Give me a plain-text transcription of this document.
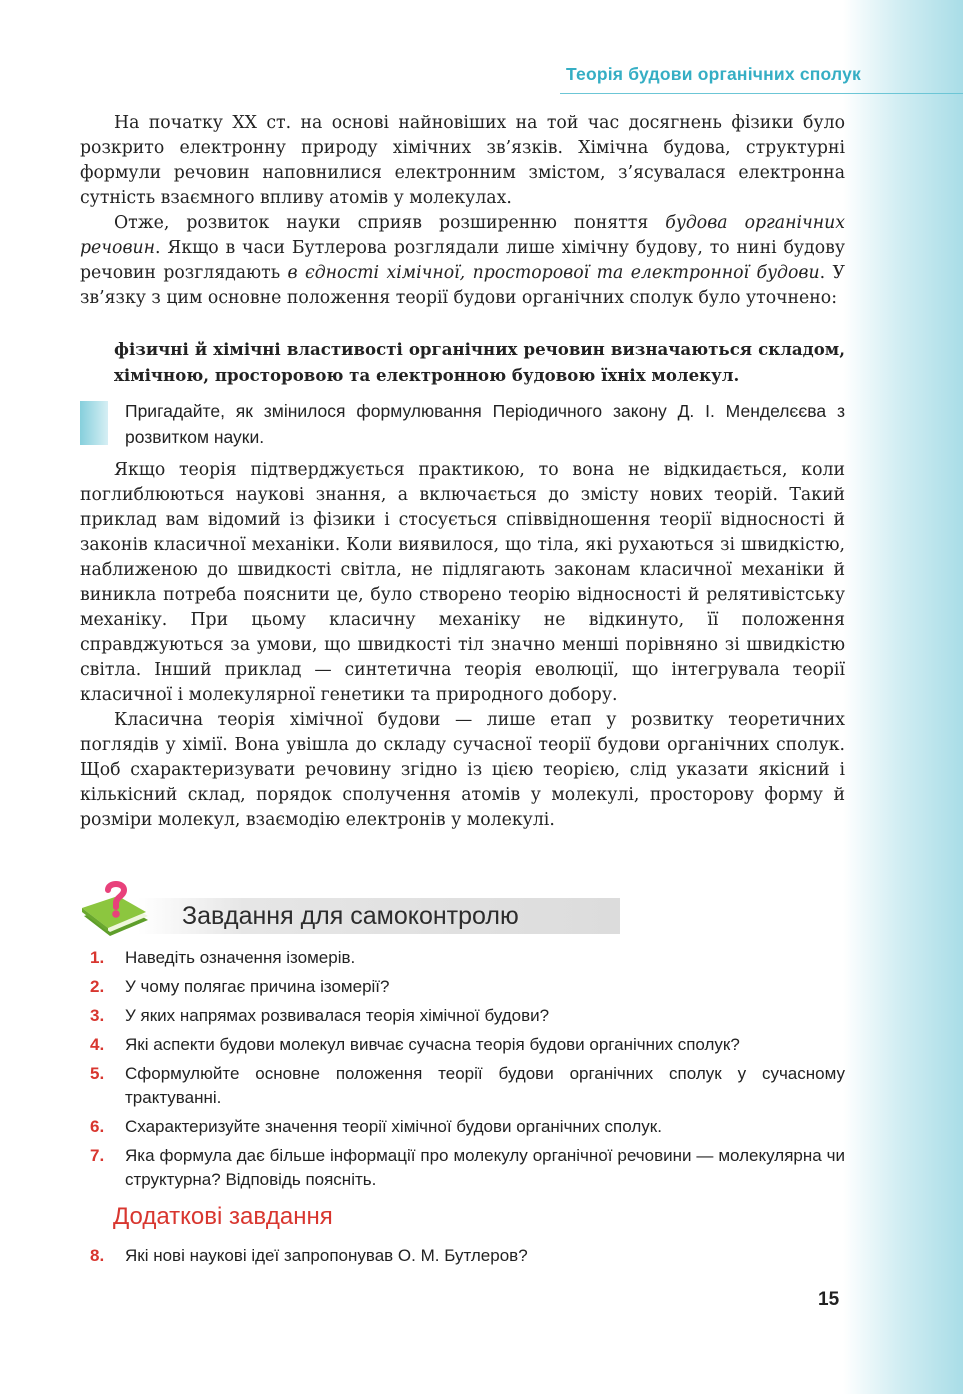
Теорія будови органічних сполук

На початку XX ст. на основі найновіших на той час досягнень фізики було розкрито електронну природу хімічних зв’язків. Хімічна будова, структурні формули речовин наповнилися електронним змістом, з’ясувалася електронна сутність взаємного впливу атомів у молекулах.

Отже, розвиток науки сприяв розширенню поняття будова органічних речовин. Якщо в часи Бутлерова розглядали лише хімічну будову, то нині будову речовин розглядають в єдності хімічної, просторової та електронної будови. У зв’язку з цим основне положення теорії будови органічних сполук було уточнено:

фізичні й хімічні властивості органічних речовин визначаються складом, хімічною, просторовою та електронною будовою їхніх молекул.
Пригадайте, як змінилося формулювання Періодичного закону Д. І. Менделєєва з розвитком науки.

Якщо теорія підтверджується практикою, то вона не відкидається, коли поглиблюються наукові знання, а включається до змісту нових теорій. Такий приклад вам відомий із фізики і стосується співвідношення теорії відносності й законів класичної механіки. Коли виявилося, що тіла, які рухаються зі швидкістю, наближеною до швидкості світла, не підлягають законам класичної механіки й виникла потреба пояснити це, було створено теорію відносності й релятивістську механіку. При цьому класичну механіку не відкинуто, її положення справджуються за умови, що швидкості тіл значно менші порівняно зі швидкістю світла. Інший приклад — синтетична теорія еволюції, що інтегрувала теорії класичної і молекулярної генетики та природного добору.

Класична теорія хімічної будови — лише етап у розвитку теоретичних поглядів у хімії. Вона увішла до складу сучасної теорії будови органічних сполук. Щоб схарактеризувати речовину згідно із цією теорією, слід указати якісний і кількісний склад, порядок сполучення атомів у молекулі, просторову форму й розміри молекул, взаємодію електронів у молекулі.

Завдання для самоконтролю
1. Наведіть означення ізомерів.
2. У чому полягає причина ізомерії?
3. У яких напрямах розвивалася теорія хімічної будови?
4. Які аспекти будови молекул вивчає сучасна теорія будови органічних сполук?
5. Сформулюйте основне положення теорії будови органічних сполук у сучасному трактуванні.
6. Схарактеризуйте значення теорії хімічної будови органічних сполук.
7. Яка формула дає більше інформації про молекулу органічної речовини — молекулярна чи структурна? Відповідь поясніть.
Додаткові завдання
8. Які нові наукові ідеї запропонував О. М. Бутлеров?
15
